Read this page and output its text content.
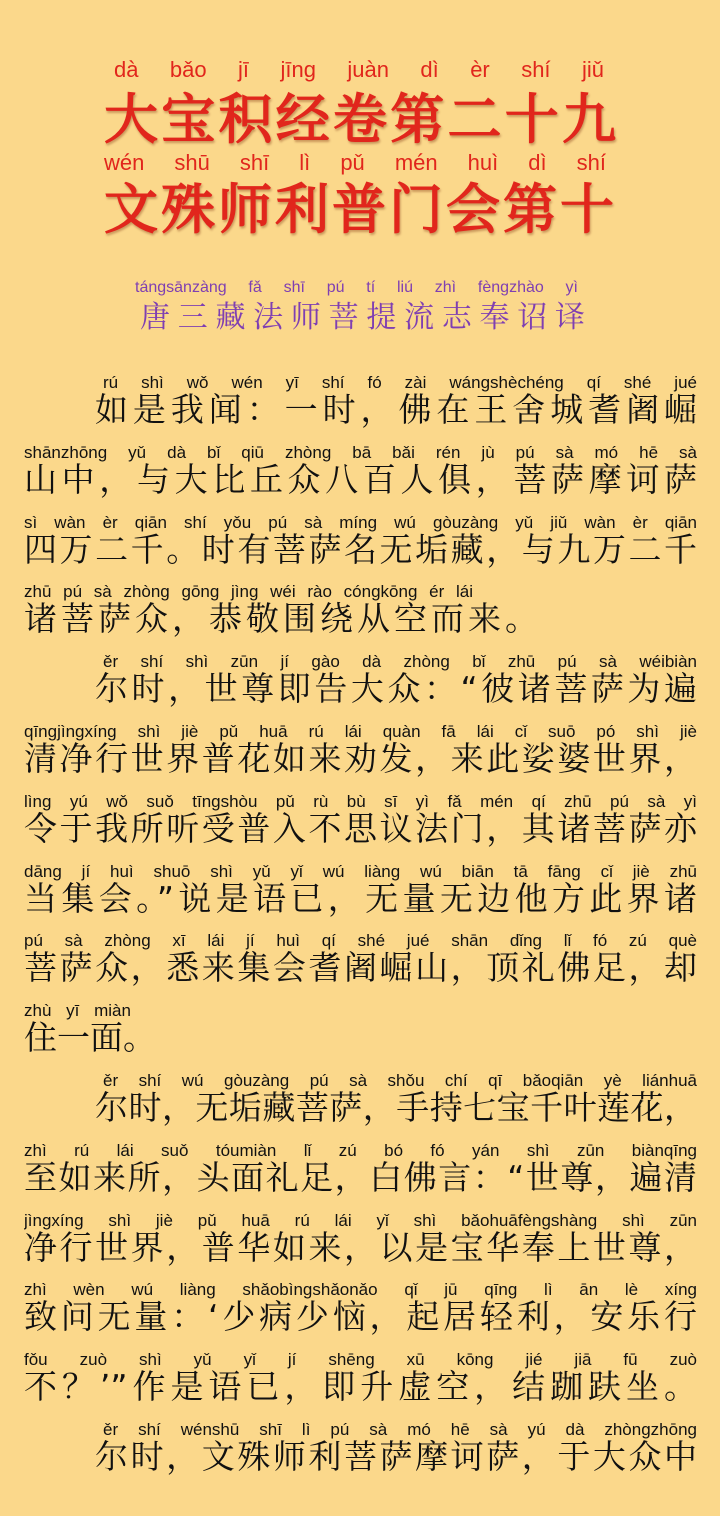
dà bǎo jī jīng juàn dì èr shí jiǔ
大宝积经卷第二十九
wén shū shī lì pǔ mén huì dì shí
文殊师利普门会第十
tángsānzàng fǎ shī pú tí liú zhì fèngzhào yì
唐三藏法师菩提流志奉诏译
rú shì wǒ wén yī shí fó zài wángshèchéng qí shé jué
如是我闻：一时，佛在王舍城耆阇崛
shānzhōng yǔ dà bǐ qiū zhòng bā bǎi rén jù pú sà mó hē sà
山中，与大比丘众八百人俱，菩萨摩诃萨
sì wàn èr qiān shí yǒu pú sà míng wú gòuzàng yǔ jiǔ wàn èr qiān
四万二千。时有菩萨名无垢藏，与九万二千
zhū pú sà zhòng gōng jìng wéi rào cóngkōng ér lái
诸菩萨众，恭敬围绕从空而来。
ěr shí shì zūn jí gào dà zhòng bǐ zhū pú sà wéibiàn
尔时，世尊即告大众：“彼诸菩萨为遍
qīngjìngxíng shì jiè pǔ huā rú lái quàn fā lái cǐ suō pó shì jiè
清净行世界普花如来劝发，来此娑婆世界，
lìng yú wǒ suǒ tīngshòu pǔ rù bù sī yì fǎ mén qí zhū pú sà yì
令于我所听受普入不思议法门，其诸菩萨亦
dāng jí huì shuō shì yǔ yǐ wú liàng wú biān tā fāng cǐ jiè zhū
当集会。”说是语已，无量无边他方此界诸
pú sà zhòng xī lái jí huì qí shé jué shān dǐng lǐ fó zú què
菩萨众，悉来集会耆阇崛山，顶礼佛足，却
zhù yī miàn
住一面。
ěr shí wú gòuzàng pú sà shǒu chí qī bǎoqiān yè liánhuā
尔时，无垢藏菩萨，手持七宝千叶莲花，
zhì rú lái suǒ tóumiàn lǐ zú bó fó yán shì zūn biànqīng
至如来所，头面礼足，白佛言：“世尊，遍清
jìngxíng shì jiè pǔ huā rú lái yǐ shì bǎohuāfèngshàng shì zūn
净行世界，普华如来，以是宝华奉上世尊，
zhì wèn wú liàng shǎobìngshǎonǎo qǐ jū qīng lì ān lè xíng
致问无量：‘少病少恼，起居轻利，安乐行
fǒu zuò shì yǔ yǐ jí shēng xū kōng jié jiā fū zuò
不？’”作是语已，即升虚空，结跏趺坐。
ěr shí wénshū shī lì pú sà mó hē sà yú dà zhòngzhōng
尔时，文殊师利菩萨摩诃萨，于大众中
